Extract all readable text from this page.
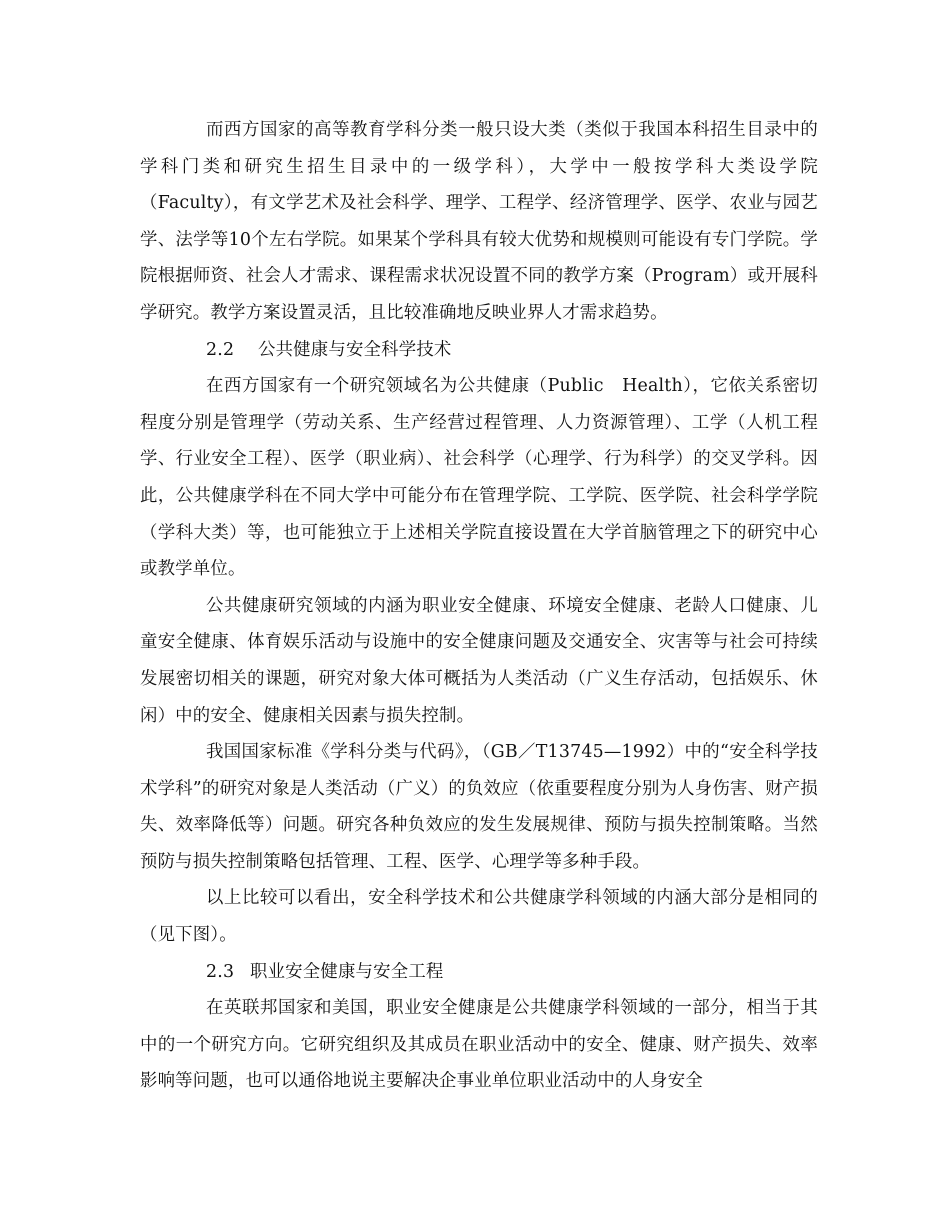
而西方国家的高等教育学科分类一般只设大类（类似于我国本科招生目录中的学科门类和研究生招生目录中的一级学科），大学中一般按学科大类设学院（Faculty），有文学艺术及社会科学、理学、工程学、经济管理学、医学、农业与园艺学、法学等10个左右学院。如果某个学科具有较大优势和规模则可能设有专门学院。学院根据师资、社会人才需求、课程需求状况设置不同的教学方案（Program）或开展科学研究。教学方案设置灵活，且比较准确地反映业界人才需求趋势。

2.2 公共健康与安全科学技术

在西方国家有一个研究领域名为公共健康（Public　Health），它依关系密切程度分别是管理学（劳动关系、生产经营过程管理、人力资源管理）、工学（人机工程学、行业安全工程）、医学（职业病）、社会科学（心理学、行为科学）的交叉学科。因此，公共健康学科在不同大学中可能分布在管理学院、工学院、医学院、社会科学学院（学科大类）等，也可能独立于上述相关学院直接设置在大学首脑管理之下的研究中心或教学单位。

公共健康研究领域的内涵为职业安全健康、环境安全健康、老龄人口健康、儿童安全健康、体育娱乐活动与设施中的安全健康问题及交通安全、灾害等与社会可持续发展密切相关的课题，研究对象大体可概括为人类活动（广义生存活动，包括娱乐、休闲）中的安全、健康相关因素与损失控制。

我国国家标准《学科分类与代码》，（GB／T13745—1992）中的“安全科学技术学科”的研究对象是人类活动（广义）的负效应（依重要程度分别为人身伤害、财产损失、效率降低等）问题。研究各种负效应的发生发展规律、预防与损失控制策略。当然预防与损失控制策略包括管理、工程、医学、心理学等多种手段。

以上比较可以看出，安全科学技术和公共健康学科领域的内涵大部分是相同的（见下图）。

2.3 职业安全健康与安全工程

在英联邦国家和美国，职业安全健康是公共健康学科领域的一部分，相当于其中的一个研究方向。它研究组织及其成员在职业活动中的安全、健康、财产损失、效率影响等问题，也可以通俗地说主要解决企事业单位职业活动中的人身安全
